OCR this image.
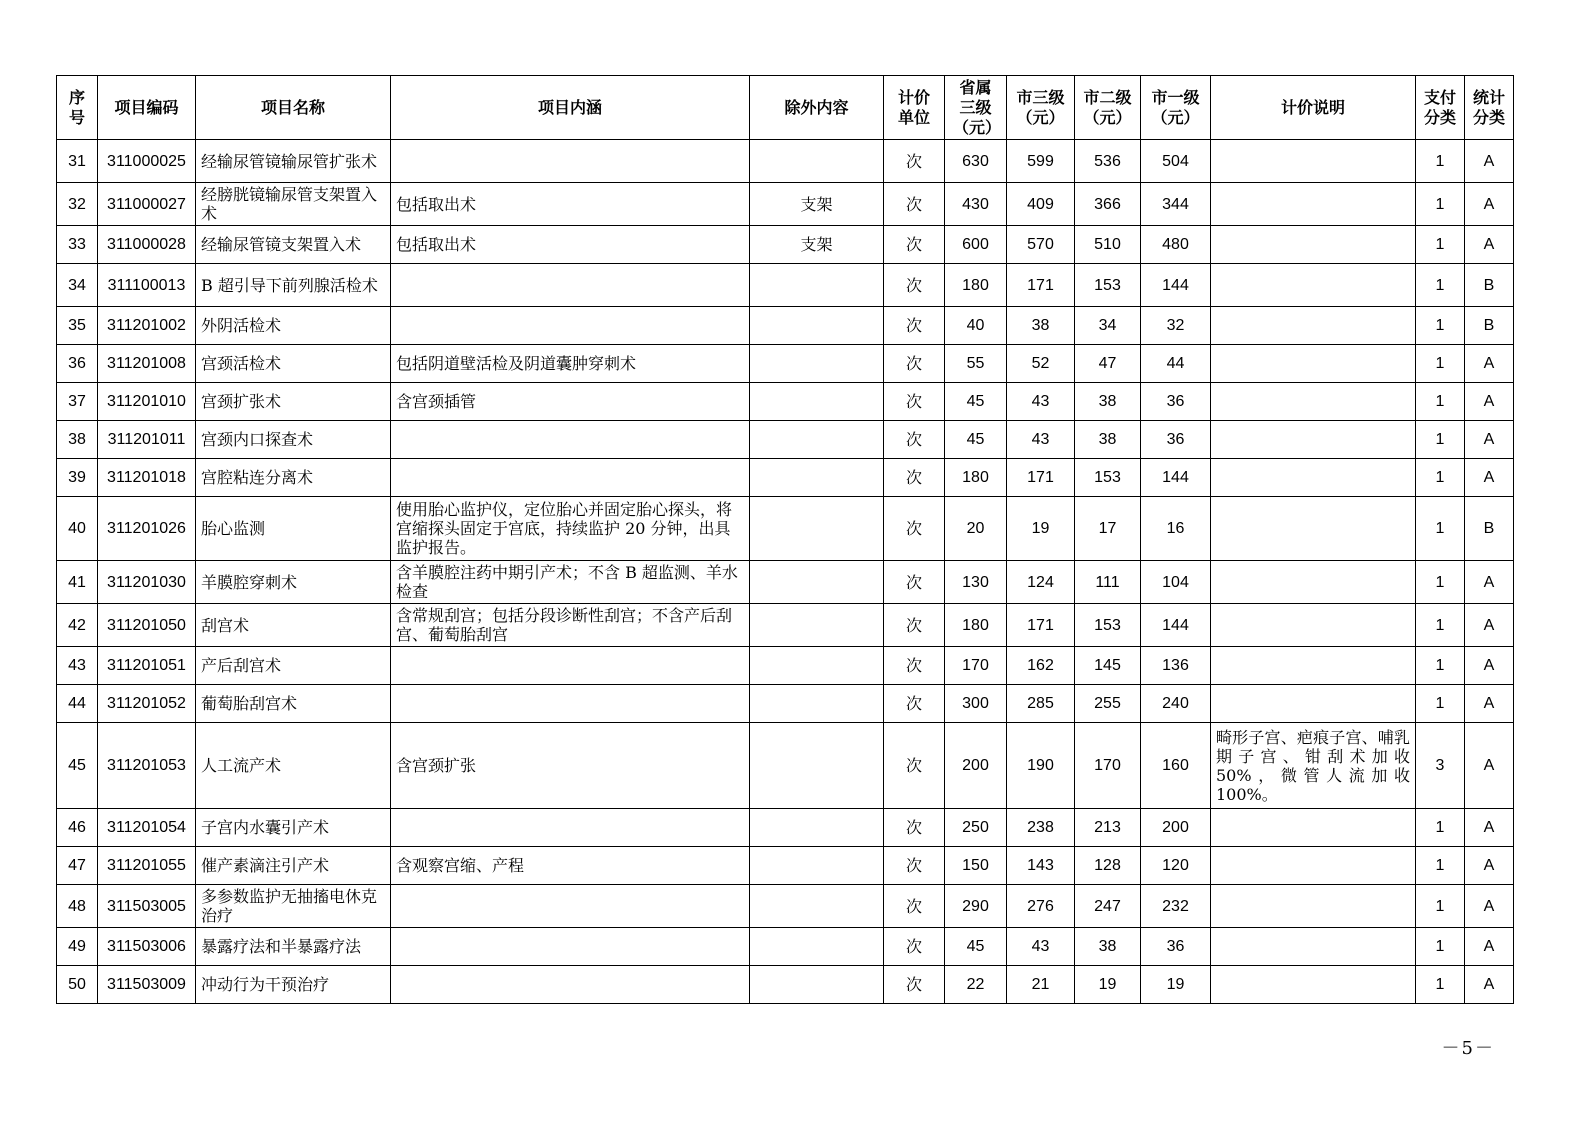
序号	项目编码	项目名称	项目内涵	除外内容	计价单位	省属三级（元）	市三级（元）	市二级（元）	市一级（元）	计价说明	支付分类	统计分类
31	311000025	经输尿管镜输尿管扩张术			次	630	599	536	504		1	A
32	311000027	经膀胱镜输尿管支架置入术	包括取出术	支架	次	430	409	366	344		1	A
33	311000028	经输尿管镜支架置入术	包括取出术	支架	次	600	570	510	480		1	A
34	311100013	B 超引导下前列腺活检术			次	180	171	153	144		1	B
35	311201002	外阴活检术			次	40	38	34	32		1	B
36	311201008	宫颈活检术	包括阴道壁活检及阴道囊肿穿刺术		次	55	52	47	44		1	A
37	311201010	宫颈扩张术	含宫颈插管		次	45	43	38	36		1	A
38	311201011	宫颈内口探查术			次	45	43	38	36		1	A
39	311201018	宫腔粘连分离术			次	180	171	153	144		1	A
40	311201026	胎心监测	使用胎心监护仪，定位胎心并固定胎心探头，将宫缩探头固定于宫底，持续监护 20 分钟，出具监护报告。		次	20	19	17	16		1	B
41	311201030	羊膜腔穿刺术	含羊膜腔注药中期引产术；不含 B 超监测、羊水检查		次	130	124	111	104		1	A
42	311201050	刮宫术	含常规刮宫；包括分段诊断性刮宫；不含产后刮宫、葡萄胎刮宫		次	180	171	153	144		1	A
43	311201051	产后刮宫术			次	170	162	145	136		1	A
44	311201052	葡萄胎刮宫术			次	300	285	255	240		1	A
45	311201053	人工流产术	含宫颈扩张		次	200	190	170	160	畸形子宫、疤痕子宫、哺乳期子宫、钳刮术加收 50%，微管人流加收 100%。	3	A
46	311201054	子宫内水囊引产术			次	250	238	213	200		1	A
47	311201055	催产素滴注引产术	含观察宫缩、产程		次	150	143	128	120		1	A
48	311503005	多参数监护无抽搐电休克治疗			次	290	276	247	232		1	A
49	311503006	暴露疗法和半暴露疗法			次	45	43	38	36		1	A
50	311503009	冲动行为干预治疗			次	22	21	19	19		1	A
－5－
